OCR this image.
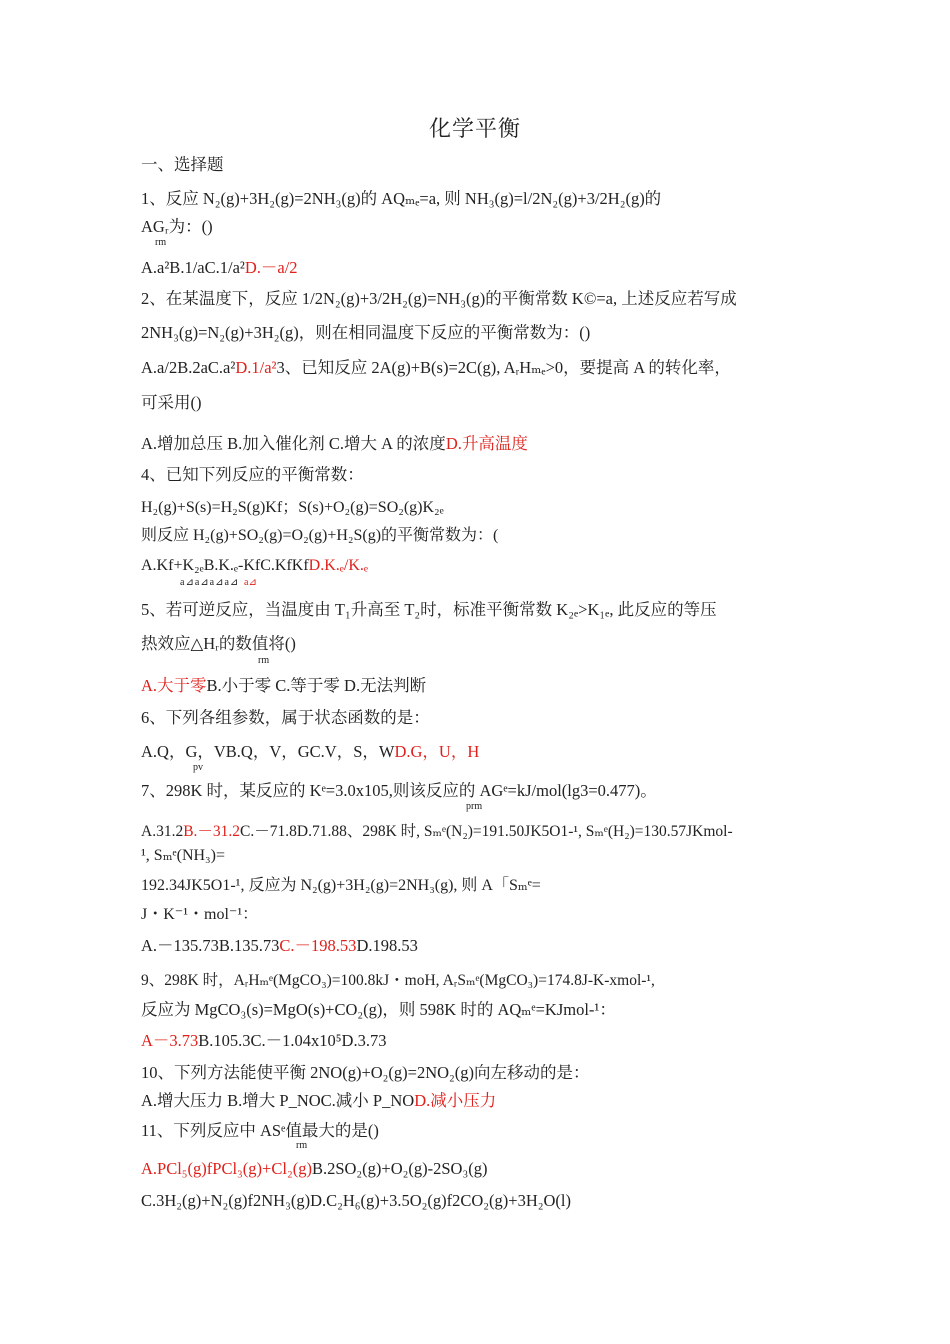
化学平衡
一、选择题
1、反应 N₂(g)+3H₂(g)=2NH₃(g)的 AQₘₑ=a, 则 NH₃(g)=l/2N₂(g)+3/2H₂(g)的
AGᵣ为：()
rm
A.a²B.1/aC.1/a²D.－a/2
2、在某温度下，反应 1/2N₂(g)+3/2H₂(g)=NH₃(g)的平衡常数 K©=a, 上述反应若写成
2NH₃(g)=N₂(g)+3H₂(g)，则在相同温度下反应的平衡常数为：()
A.a/2B.2aC.a²D.1/a²3、已知反应 2A(g)+B(s)=2C(g), AᵣHₘₑ>0，要提高 A 的转化率，
可采用()
A.增加总压 B.加入催化剂 C.增大 A 的浓度D.升高温度
4、已知下列反应的平衡常数：
H₂(g)+S(s)=H₂S(g)Kf；S(s)+O₂(g)=SO₂(g)K₂ₑ
则反应 H₂(g)+SO₂(g)=O₂(g)+H₂S(g)的平衡常数为：(
A.Kf+K₂ₑB.K.ₑ-KfC.KfKfD.K.ₑ/K.ₑ
a⊿a⊿a⊿a⊿ a⊿
5、若可逆反应，当温度由 T₁升高至 T₂时，标准平衡常数 K₂ₑ>K₁ₑ, 此反应的等压
热效应△Hᵣ的数值将()
rm
A.大于零B.小于零 C.等于零 D.无法判断
6、下列各组参数，属于状态函数的是：
A.Q，G，VB.Q，V，GC.V，S，WD.G，U，H
pv
7、298K 时，某反应的 Kᵉ=3.0x105,则该反应的 AGᵉ=kJ/mol(lg3=0.477)。
prm
A.31.2B.－31.2C.－71.8D.71.88、298K 时, Sₘᵉ(N₂)=191.50JK5O1-¹, Sₘᵉ(H₂)=130.57JKmol-
¹, Sₘᵉ(NH₃)=
192.34JK5O1-¹, 反应为 N₂(g)+3H₂(g)=2NH₃(g), 则 A「Sₘᵉ=
J・K⁻¹・mol⁻¹：
A.－135.73B.135.73C.－198.53D.198.53
9、298K 时，AᵣHₘᵉ(MgCO₃)=100.8kJ・moH, AᵣSₘᵉ(MgCO₃)=174.8J-K-xmol-¹,
反应为 MgCO₃(s)=MgO(s)+CO₂(g)，则 598K 时的 AQₘᵉ=KJmol-¹：
A－3.73B.105.3C.－1.04x10⁵D.3.73
10、下列方法能使平衡 2NO(g)+O₂(g)=2NO₂(g)向左移动的是：
A.增大压力 B.增大 P_NOC.减小 P_NOD.减小压力
11、下列反应中 ASᵉ值最大的是()
rm
A.PCl₅(g)fPCl₃(g)+Cl₂(g)B.2SO₂(g)+O₂(g)-2SO₃(g)
C.3H₂(g)+N₂(g)f2NH₃(g)D.C₂H₆(g)+3.5O₂(g)f2CO₂(g)+3H₂O(l)
